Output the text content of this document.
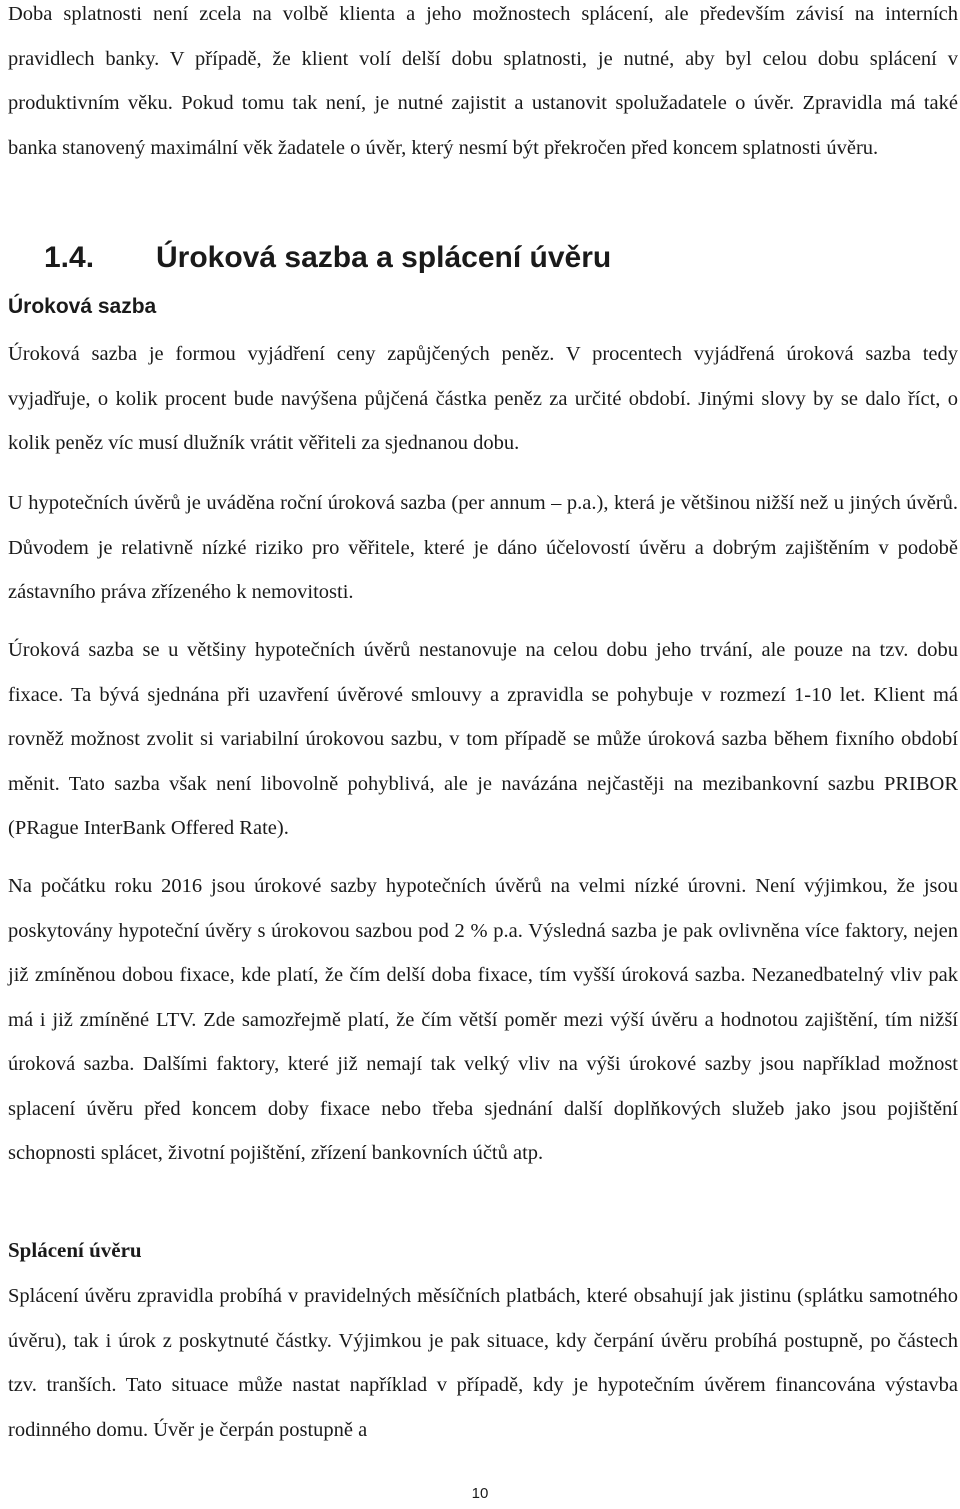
Doba splatnosti není zcela na volbě klienta a jeho možnostech splácení, ale především závisí na interních pravidlech banky. V případě, že klient volí delší dobu splatnosti, je nutné, aby byl celou dobu splácení v produktivním věku. Pokud tomu tak není, je nutné zajistit a ustanovit spolužadatele o úvěr. Zpravidla má také banka stanovený maximální věk žadatele o úvěr, který nesmí být překročen před koncem splatnosti úvěru.

1.4.	Úroková sazba a splácení úvěru
Úroková sazba

Úroková sazba je formou vyjádření ceny zapůjčených peněz. V procentech vyjádřená úroková sazba tedy vyjadřuje, o kolik procent bude navýšena půjčená částka peněz za určité období. Jinými slovy by se dalo říct, o kolik peněz víc musí dlužník vrátit věřiteli za sjednanou dobu.

U hypotečních úvěrů je uváděna roční úroková sazba (per annum – p.a.), která je většinou nižší než u jiných úvěrů. Důvodem je relativně nízké riziko pro věřitele, které je dáno účelovostí úvěru a dobrým zajištěním v podobě zástavního práva zřízeného k nemovitosti.

Úroková sazba se u většiny hypotečních úvěrů nestanovuje na celou dobu jeho trvání, ale pouze na tzv. dobu fixace. Ta bývá sjednána při uzavření úvěrové smlouvy a zpravidla se pohybuje v rozmezí 1-10 let. Klient má rovněž možnost zvolit si variabilní úrokovou sazbu, v tom případě se může úroková sazba během fixního období měnit. Tato sazba však není libovolně pohyblivá, ale je navázána nejčastěji na mezibankovní sazbu PRIBOR (PRague InterBank Offered Rate).

Na počátku roku 2016 jsou úrokové sazby hypotečních úvěrů na velmi nízké úrovni. Není výjimkou, že jsou poskytovány hypoteční úvěry s úrokovou sazbou pod 2 % p.a. Výsledná sazba je pak ovlivněna více faktory, nejen již zmíněnou dobou fixace, kde platí, že čím delší doba fixace, tím vyšší úroková sazba. Nezanedbatelný vliv pak má i již zmíněné LTV. Zde samozřejmě platí, že čím větší poměr mezi výší úvěru a hodnotou zajištění, tím nižší úroková sazba. Dalšími faktory, které již nemají tak velký vliv na výši úrokové sazby jsou například možnost splacení úvěru před koncem doby fixace nebo třeba sjednání další doplňkových služeb jako jsou pojištění schopnosti splácet, životní pojištění, zřízení bankovních účtů atp.

Splácení úvěru

Splácení úvěru zpravidla probíhá v pravidelných měsíčních platbách, které obsahují jak jistinu (splátku samotného úvěru), tak i úrok z poskytnuté částky. Výjimkou je pak situace, kdy čerpání úvěru probíhá postupně, po částech tzv. tranších. Tato situace může nastat například v případě, kdy je hypotečním úvěrem financována výstavba rodinného domu. Úvěr je čerpán postupně a

10
